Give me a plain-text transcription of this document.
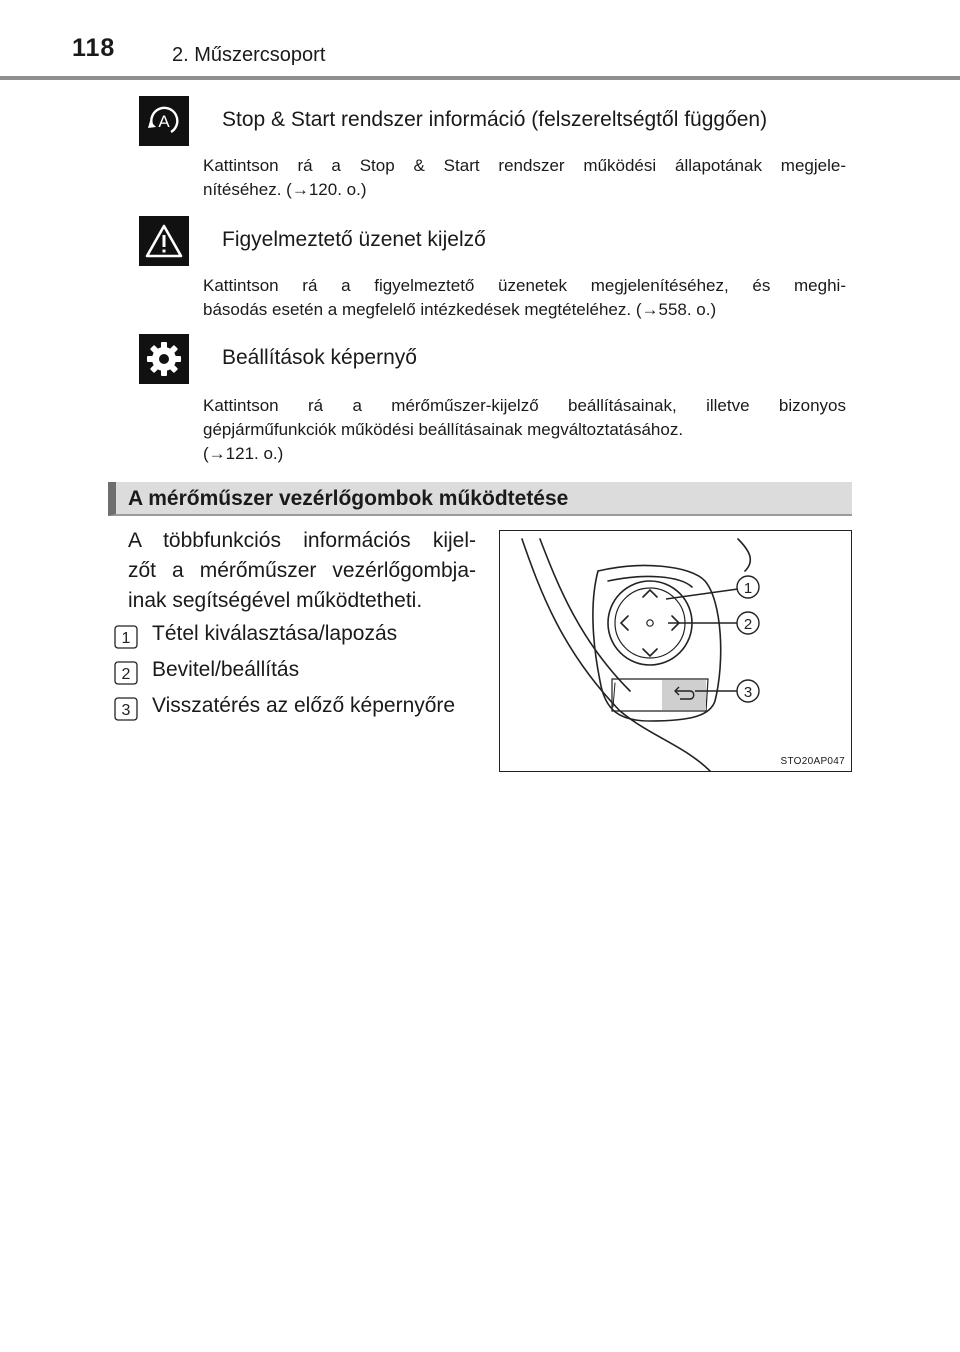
118	2. Műszercsoport
A Stop & Start rendszer információ (felszereltségtől függően)
Kattintson rá a Stop & Start rendszer működési állapotának megjele-
nítéséhez. (→120. o.)
Figyelmeztető üzenet kijelző
Kattintson rá a figyelmeztető üzenetek megjelenítéséhez, és meghi-
básodás esetén a megfelelő intézkedések megtételéhez. (→558. o.)
Beállítások képernyő
Kattintson rá a mérőműszer-kijelző beállításainak, illetve bizonyos
gépjárműfunkciók működési beállításainak megváltoztatásához.
(→121. o.)
A mérőműszer vezérlőgombok működtetése
A többfunkciós információs kijel-
zőt a mérőműszer vezérlőgombja-
inak segítségével működtetheti.
1 Tétel kiválasztása/lapozás
2 Bevitel/beállítás
3 Visszatérés az előző képernyőre
1
2
3
STO20AP047
